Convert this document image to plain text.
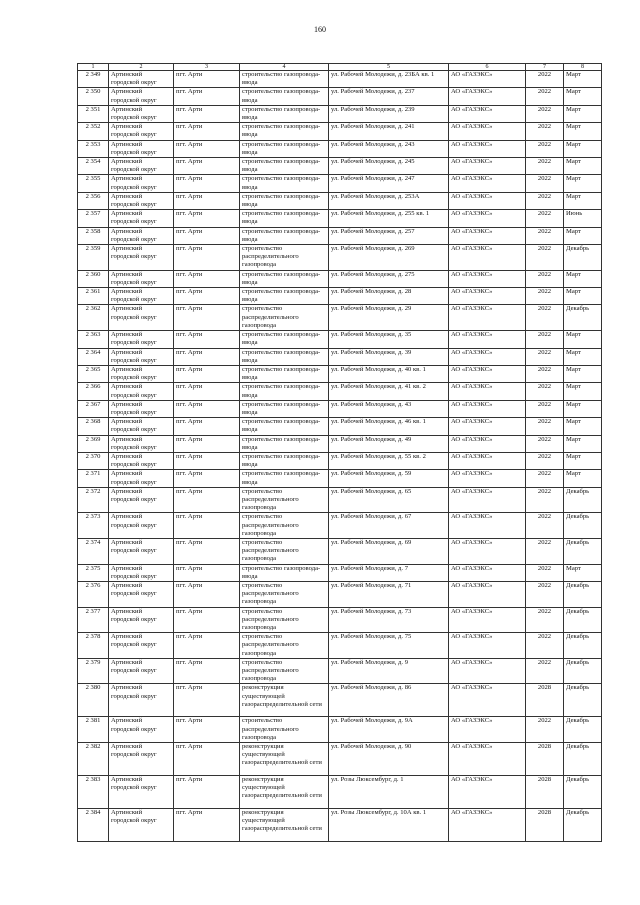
160
1	2	3	4	5	6	7	8
2 349	Артинский городской округ	пгт. Арти	строительство газопровода-ввода	ул. Рабочей Молодежи, д. 23БА кв. 1	АО «ГАЗЭКС»	2022	Март
2 350	Артинский городской округ	пгт. Арти	строительство газопровода-ввода	ул. Рабочей Молодежи, д. 237	АО «ГАЗЭКС»	2022	Март
2 351	Артинский городской округ	пгт. Арти	строительство газопровода-ввода	ул. Рабочей Молодежи, д. 239	АО «ГАЗЭКС»	2022	Март
2 352	Артинский городской округ	пгт. Арти	строительство газопровода-ввода	ул. Рабочей Молодежи, д. 241	АО «ГАЗЭКС»	2022	Март
2 353	Артинский городской округ	пгт. Арти	строительство газопровода-ввода	ул. Рабочей Молодежи, д. 243	АО «ГАЗЭКС»	2022	Март
2 354	Артинский городской округ	пгт. Арти	строительство газопровода-ввода	ул. Рабочей Молодежи, д. 245	АО «ГАЗЭКС»	2022	Март
2 355	Артинский городской округ	пгт. Арти	строительство газопровода-ввода	ул. Рабочей Молодежи, д. 247	АО «ГАЗЭКС»	2022	Март
2 356	Артинский городской округ	пгт. Арти	строительство газопровода-ввода	ул. Рабочей Молодежи, д. 253А	АО «ГАЗЭКС»	2022	Март
2 357	Артинский городской округ	пгт. Арти	строительство газопровода-ввода	ул. Рабочей Молодежи, д. 255 кв. 1	АО «ГАЗЭКС»	2022	Июнь
2 358	Артинский городской округ	пгт. Арти	строительство газопровода-ввода	ул. Рабочей Молодежи, д. 257	АО «ГАЗЭКС»	2022	Март
2 359	Артинский городской округ	пгт. Арти	строительство распределительного газопровода	ул. Рабочей Молодежи, д. 269	АО «ГАЗЭКС»	2022	Декабрь
2 360	Артинский городской округ	пгт. Арти	строительство газопровода-ввода	ул. Рабочей Молодежи, д. 275	АО «ГАЗЭКС»	2022	Март
2 361	Артинский городской округ	пгт. Арти	строительство газопровода-ввода	ул. Рабочей Молодежи, д. 28	АО «ГАЗЭКС»	2022	Март
2 362	Артинский городской округ	пгт. Арти	строительство распределительного газопровода	ул. Рабочей Молодежи, д. 29	АО «ГАЗЭКС»	2022	Декабрь
2 363	Артинский городской округ	пгт. Арти	строительство газопровода-ввода	ул. Рабочей Молодежи, д. 35	АО «ГАЗЭКС»	2022	Март
2 364	Артинский городской округ	пгт. Арти	строительство газопровода-ввода	ул. Рабочей Молодежи, д. 39	АО «ГАЗЭКС»	2022	Март
2 365	Артинский городской округ	пгт. Арти	строительство газопровода-ввода	ул. Рабочей Молодежи, д. 40 кв. 1	АО «ГАЗЭКС»	2022	Март
2 366	Артинский городской округ	пгт. Арти	строительство газопровода-ввода	ул. Рабочей Молодежи, д. 41 кв. 2	АО «ГАЗЭКС»	2022	Март
2 367	Артинский городской округ	пгт. Арти	строительство газопровода-ввода	ул. Рабочей Молодежи, д. 43	АО «ГАЗЭКС»	2022	Март
2 368	Артинский городской округ	пгт. Арти	строительство газопровода-ввода	ул. Рабочей Молодежи, д. 46 кв. 1	АО «ГАЗЭКС»	2022	Март
2 369	Артинский городской округ	пгт. Арти	строительство газопровода-ввода	ул. Рабочей Молодежи, д. 49	АО «ГАЗЭКС»	2022	Март
2 370	Артинский городской округ	пгт. Арти	строительство газопровода-ввода	ул. Рабочей Молодежи, д. 55 кв. 2	АО «ГАЗЭКС»	2022	Март
2 371	Артинский городской округ	пгт. Арти	строительство газопровода-ввода	ул. Рабочей Молодежи, д. 59	АО «ГАЗЭКС»	2022	Март
2 372	Артинский городской округ	пгт. Арти	строительство распределительного газопровода	ул. Рабочей Молодежи, д. 65	АО «ГАЗЭКС»	2022	Декабрь
2 373	Артинский городской округ	пгт. Арти	строительство распределительного газопровода	ул. Рабочей Молодежи, д. 67	АО «ГАЗЭКС»	2022	Декабрь
2 374	Артинский городской округ	пгт. Арти	строительство распределительного газопровода	ул. Рабочей Молодежи, д. 69	АО «ГАЗЭКС»	2022	Декабрь
2 375	Артинский городской округ	пгт. Арти	строительство газопровода-ввода	ул. Рабочей Молодежи, д. 7	АО «ГАЗЭКС»	2022	Март
2 376	Артинский городской округ	пгт. Арти	строительство распределительного газопровода	ул. Рабочей Молодежи, д. 71	АО «ГАЗЭКС»	2022	Декабрь
2 377	Артинский городской округ	пгт. Арти	строительство распределительного газопровода	ул. Рабочей Молодежи, д. 73	АО «ГАЗЭКС»	2022	Декабрь
2 378	Артинский городской округ	пгт. Арти	строительство распределительного газопровода	ул. Рабочей Молодежи, д. 75	АО «ГАЗЭКС»	2022	Декабрь
2 379	Артинский городской округ	пгт. Арти	строительство распределительного газопровода	ул. Рабочей Молодежи, д. 9	АО «ГАЗЭКС»	2022	Декабрь
2 380	Артинский городской округ	пгт. Арти	реконструкция существующей газораспределительной сети	ул. Рабочей Молодежи, д. 86	АО «ГАЗЭКС»	2028	Декабрь
2 381	Артинский городской округ	пгт. Арти	строительство распределительного газопровода	ул. Рабочей Молодежи, д. 9А	АО «ГАЗЭКС»	2022	Декабрь
2 382	Артинский городской округ	пгт. Арти	реконструкция существующей газораспределительной сети	ул. Рабочей Молодежи, д. 90	АО «ГАЗЭКС»	2028	Декабрь
2 383	Артинский городской округ	пгт. Арти	реконструкция существующей газораспределительной сети	ул. Розы Люксембург, д. 1	АО «ГАЗЭКС»	2028	Декабрь
2 384	Артинский городской округ	пгт. Арти	реконструкция существующей газораспределительной сети	ул. Розы Люксембург, д. 10А кв. 1	АО «ГАЗЭКС»	2028	Декабрь
